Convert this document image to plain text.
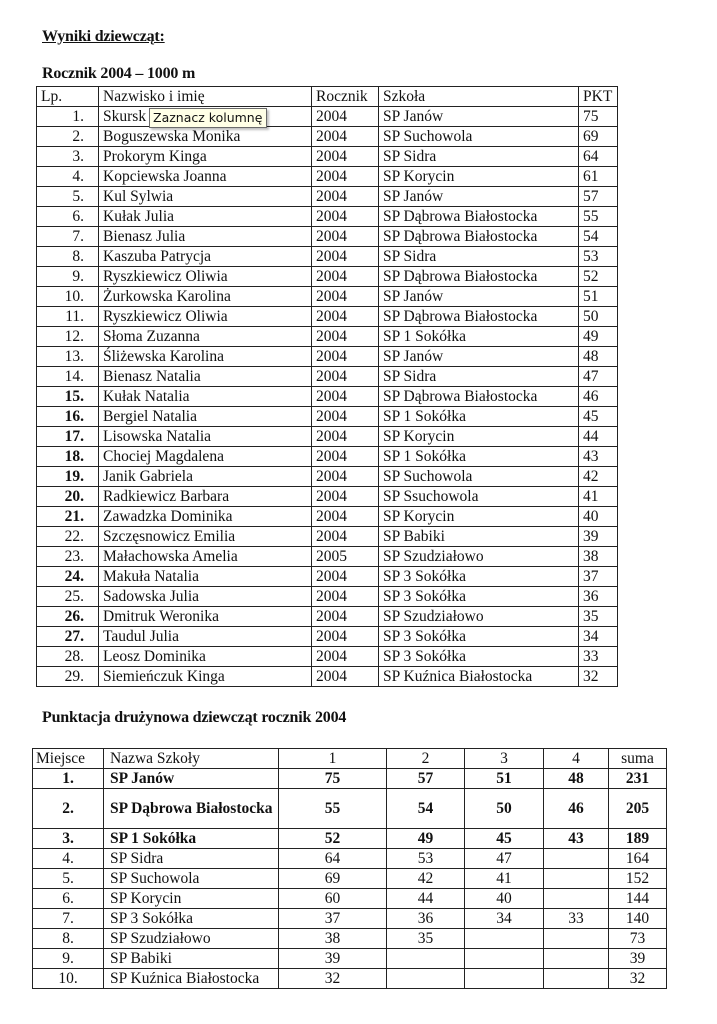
Wyniki dziewcząt:
Rocznik 2004 – 1000 m
Lp.	Nazwisko i imię	Rocznik	Szkoła	PKT
1.	Skursk	2004	SP Janów	75
2.	Boguszewska Monika	2004	SP Suchowola	69
3.	Prokorym Kinga	2004	SP Sidra	64
4.	Kopciewska Joanna	2004	SP Korycin	61
5.	Kul Sylwia	2004	SP Janów	57
6.	Kułak Julia	2004	SP Dąbrowa Białostocka	55
7.	Bienasz Julia	2004	SP Dąbrowa Białostocka	54
8.	Kaszuba Patrycja	2004	SP Sidra	53
9.	Ryszkiewicz Oliwia	2004	SP Dąbrowa Białostocka	52
10.	Żurkowska Karolina	2004	SP Janów	51
11.	Ryszkiewicz Oliwia	2004	SP Dąbrowa Białostocka	50
12.	Słoma Zuzanna	2004	SP 1 Sokółka	49
13.	Śliżewska Karolina	2004	SP Janów	48
14.	Bienasz Natalia	2004	SP Sidra	47
15.	Kułak Natalia	2004	SP Dąbrowa Białostocka	46
16.	Bergiel Natalia	2004	SP 1 Sokółka	45
17.	Lisowska Natalia	2004	SP Korycin	44
18.	Chociej Magdalena	2004	SP 1 Sokółka	43
19.	Janik Gabriela	2004	SP Suchowola	42
20.	Radkiewicz Barbara	2004	SP Ssuchowola	41
21.	Zawadzka Dominika	2004	SP Korycin	40
22.	Szczęsnowicz Emilia	2004	SP Babiki	39
23.	Małachowska Amelia	2005	SP Szudziałowo	38
24.	Makuła Natalia	2004	SP 3 Sokółka	37
25.	Sadowska Julia	2004	SP 3 Sokółka	36
26.	Dmitruk Weronika	2004	SP Szudziałowo	35
27.	Taudul Julia	2004	SP 3 Sokółka	34
28.	Leosz Dominika	2004	SP 3 Sokółka	33
29.	Siemieńczuk Kinga	2004	SP Kuźnica Białostocka	32
Zaznacz kolumnę
Punktacja drużynowa dziewcząt rocznik 2004
Miejsce	Nazwa Szkoły	1	2	3	4	suma
1.	SP Janów	75	57	51	48	231
2.	SP Dąbrowa Białostocka	55	54	50	46	205
3.	SP 1 Sokółka	52	49	45	43	189
4.	SP Sidra	64	53	47		164
5.	SP Suchowola	69	42	41		152
6.	SP Korycin	60	44	40		144
7.	SP 3 Sokółka	37	36	34	33	140
8.	SP Szudziałowo	38	35			73
9.	SP Babiki	39				39
10.	SP Kuźnica Białostocka	32				32
